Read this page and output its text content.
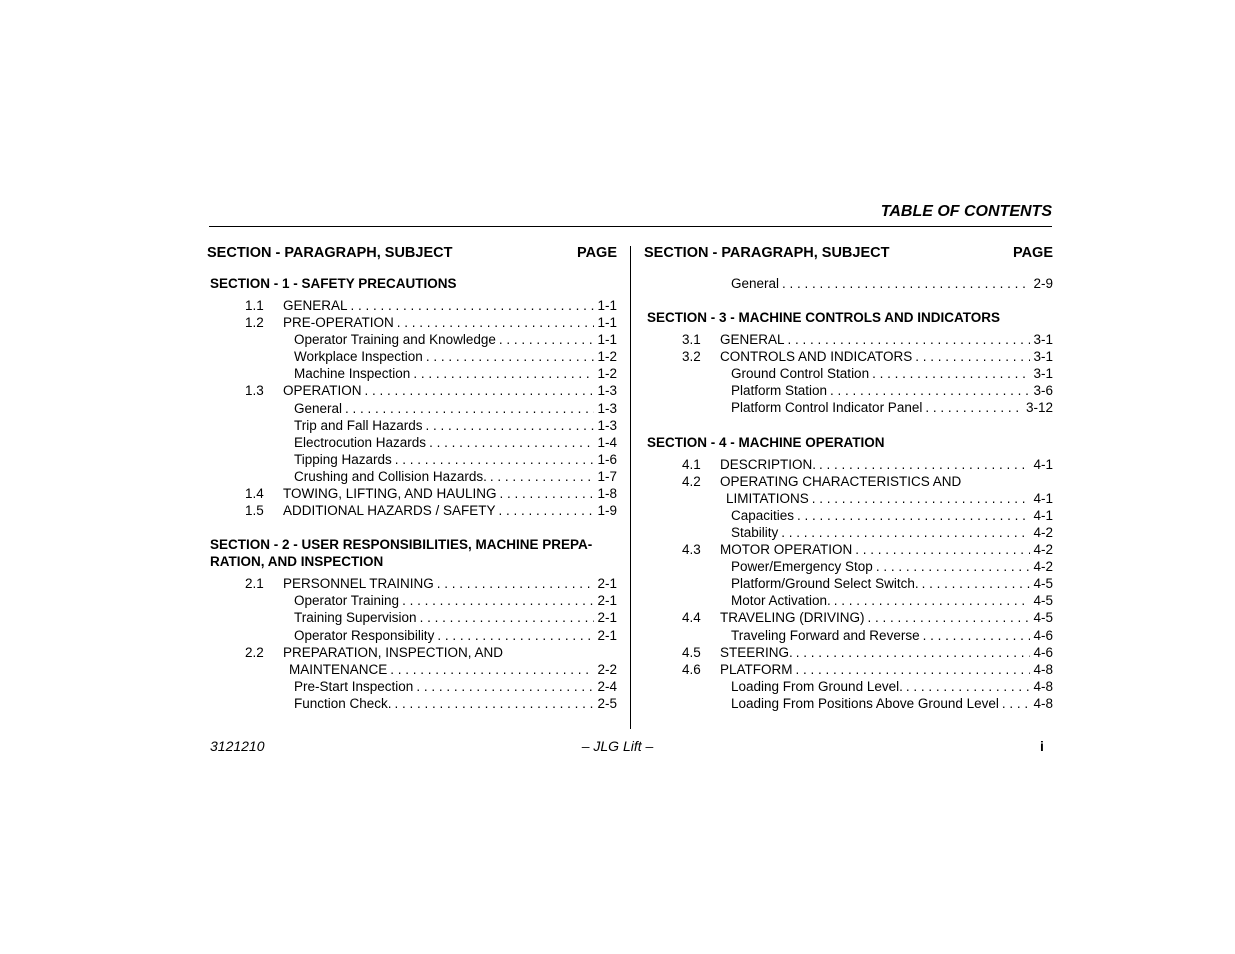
TABLE OF CONTENTS
SECTION - PARAGRAPH, SUBJECT	PAGE
SECTION - 1 - SAFETY PRECAUTIONS
1.1	GENERAL . . .	1-1
1.2	PRE-OPERATION . . .	1-1
Operator Training and Knowledge . . .	1-1
Workplace Inspection . . .	1-2
Machine Inspection . . .	1-2
1.3	OPERATION . . .	1-3
General . . .	1-3
Trip and Fall Hazards . . .	1-3
Electrocution Hazards . . .	1-4
Tipping Hazards . . .	1-6
Crushing and Collision Hazards. . . .	1-7
1.4	TOWING, LIFTING, AND HAULING . . .	1-8
1.5	ADDITIONAL HAZARDS / SAFETY . . .	1-9
SECTION - 2 - USER RESPONSIBILITIES, MACHINE PREPA-
RATION, AND INSPECTION
2.1	PERSONNEL TRAINING . . .	2-1
Operator Training . . .	2-1
Training Supervision . . .	2-1
Operator Responsibility . . .	2-1
2.2	PREPARATION, INSPECTION, AND
MAINTENANCE . . .	2-2
Pre-Start Inspection . . .	2-4
Function Check. . . .	2-5
SECTION - PARAGRAPH, SUBJECT	PAGE
General . . .	2-9
SECTION - 3 - MACHINE CONTROLS AND INDICATORS
3.1	GENERAL . . .	3-1
3.2	CONTROLS AND INDICATORS . . .	3-1
Ground Control Station . . .	3-1
Platform Station . . .	3-6
Platform Control Indicator Panel . . .	3-12
SECTION - 4 - MACHINE OPERATION
4.1	DESCRIPTION. . . .	4-1
4.2	OPERATING CHARACTERISTICS AND
LIMITATIONS . . .	4-1
Capacities . . .	4-1
Stability . . .	4-2
4.3	MOTOR OPERATION . . .	4-2
Power/Emergency Stop . . .	4-2
Platform/Ground Select Switch. . . .	4-5
Motor Activation. . . .	4-5
4.4	TRAVELING (DRIVING) . . .	4-5
Traveling Forward and Reverse . . .	4-6
4.5	STEERING. . . .	4-6
4.6	PLATFORM . . .	4-8
Loading From Ground Level. . . .	4-8
Loading From Positions Above Ground Level . . .	4-8
3121210	– JLG Lift –	i
